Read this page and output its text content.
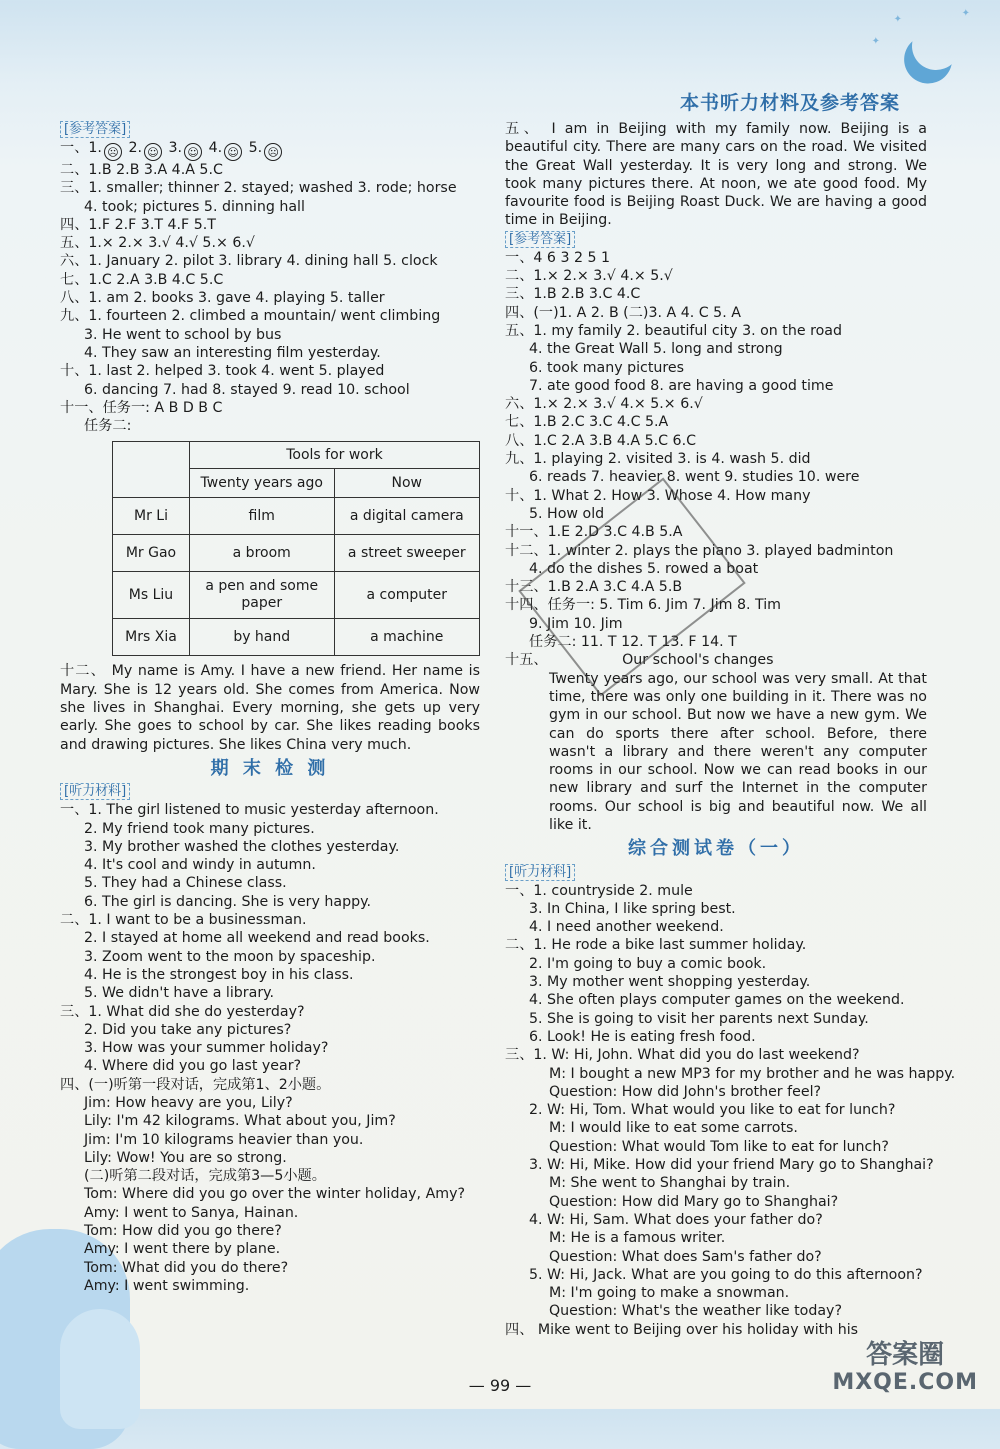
✦
✦
✦
本书听力材料及参考答案
[参考答案]
一、1. ☹ 2. ☺ 3. ☺ 4. ☺ 5. ☹
二、1.B 2.B 3.A 4.A 5.C
三、1. smaller; thinner 2. stayed; washed 3. rode; horse
4. took; pictures 5. dinning hall
四、1.F 2.F 3.T 4.F 5.T
五、1.× 2.× 3.√ 4.√ 5.× 6.√
六、1. January 2. pilot 3. library 4. dining hall 5. clock
七、1.C 2.A 3.B 4.C 5.C
八、1. am 2. books 3. gave 4. playing 5. taller
九、1. fourteen 2. climbed a mountain/ went climbing
3. He went to school by bus
4. They saw an interesting film yesterday.
十、1. last 2. helped 3. took 4. went 5. played
6. dancing 7. had 8. stayed 9. read 10. school
十一、任务一: A B D B C
任务二:
	Tools for work	
	Twenty years ago	Now
Mr Li	film	a digital camera
Mr Gao	a broom	a street sweeper
Ms Liu	a pen and some paper	a computer
Mrs Xia	by hand	a machine
十二、 My name is Amy. I have a new friend. Her name is Mary. She is 12 years old. She comes from America. Now she lives in Shanghai. Every morning, she gets up very early. She goes to school by car. She likes reading books and drawing pictures. She likes China very much.
期 末 检 测
[听力材料]
一、1. The girl listened to music yesterday afternoon.
2. My friend took many pictures.
3. My brother washed the clothes yesterday.
4. It's cool and windy in autumn.
5. They had a Chinese class.
6. The girl is dancing. She is very happy.
二、1. I want to be a businessman.
2. I stayed at home all weekend and read books.
3. Zoom went to the moon by spaceship.
4. He is the strongest boy in his class.
5. We didn't have a library.
三、1. What did she do yesterday?
2. Did you take any pictures?
3. How was your summer holiday?
4. Where did you go last year?
四、(一)听第一段对话，完成第1、2小题。
Jim: How heavy are you, Lily?
Lily: I'm 42 kilograms. What about you, Jim?
Jim: I'm 10 kilograms heavier than you.
Lily: Wow! You are so strong.
(二)听第二段对话，完成第3—5小题。
Tom: Where did you go over the winter holiday, Amy?
Amy: I went to Sanya, Hainan.
Tom: How did you go there?
Amy: I went there by plane.
Tom: What did you do there?
Amy: I went swimming.
五、 I am in Beijing with my family now. Beijing is a beautiful city. There are many cars on the road. We visited the Great Wall yesterday. It is very long and strong. We took many pictures there. At noon, we ate good food. My favourite food is Beijing Roast Duck. We are having a good time in Beijing.
[参考答案]
一、4 6 3 2 5 1
二、1.× 2.× 3.√ 4.× 5.√
三、1.B 2.B 3.C 4.C
四、(一)1. A 2. B (二)3. A 4. C 5. A
五、1. my family 2. beautiful city 3. on the road
4. the Great Wall 5. long and strong
6. took many pictures
7. ate good food 8. are having a good time
六、1.× 2.× 3.√ 4.× 5.× 6.√
七、1.B 2.C 3.C 4.C 5.A
八、1.C 2.A 3.B 4.A 5.C 6.C
九、1. playing 2. visited 3. is 4. wash 5. did
6. reads 7. heavier 8. went 9. studies 10. were
十、1. What 2. How 3. Whose 4. How many
5. How old
十一、1.E 2.D 3.C 4.B 5.A
十二、1. winter 2. plays the piano 3. played badminton
4. do the dishes 5. rowed a boat
十三、1.B 2.A 3.C 4.A 5.B
十四、任务一: 5. Tim 6. Jim 7. Jim 8. Tim
9. Jim 10. Jim
任务二: 11. T 12. T 13. F 14. T
十五、	Our school's changes
Twenty years ago, our school was very small. At that time, there was only one building in it. There was no gym in our school. But now we have a new gym. We can do sports there after school. Before, there wasn't a library and there weren't any computer rooms in our school. Now we can read books in our new library and surf the Internet in the computer rooms. Our school is big and beautiful now. We all like it.
综合测试卷（一）
[听力材料]
一、1. countryside 2. mule
3. In China, I like spring best.
4. I need another weekend.
二、1. He rode a bike last summer holiday.
2. I'm going to buy a comic book.
3. My mother went shopping yesterday.
4. She often plays computer games on the weekend.
5. She is going to visit her parents next Sunday.
6. Look! He is eating fresh food.
三、1. W: Hi, John. What did you do last weekend?
M: I bought a new MP3 for my brother and he was happy.
Question: How did John's brother feel?
2. W: Hi, Tom. What would you like to eat for lunch?
M: I would like to eat some carrots.
Question: What would Tom like to eat for lunch?
3. W: Hi, Mike. How did your friend Mary go to Shanghai?
M: She went to Shanghai by train.
Question: How did Mary go to Shanghai?
4. W: Hi, Sam. What does your father do?
M: He is a famous writer.
Question: What does Sam's father do?
5. W: Hi, Jack. What are you going to do this afternoon?
M: I'm going to make a snowman.
Question: What's the weather like today?
四、 Mike went to Beijing over his holiday with his
— 99 —
答案圈
MXQE.COM
